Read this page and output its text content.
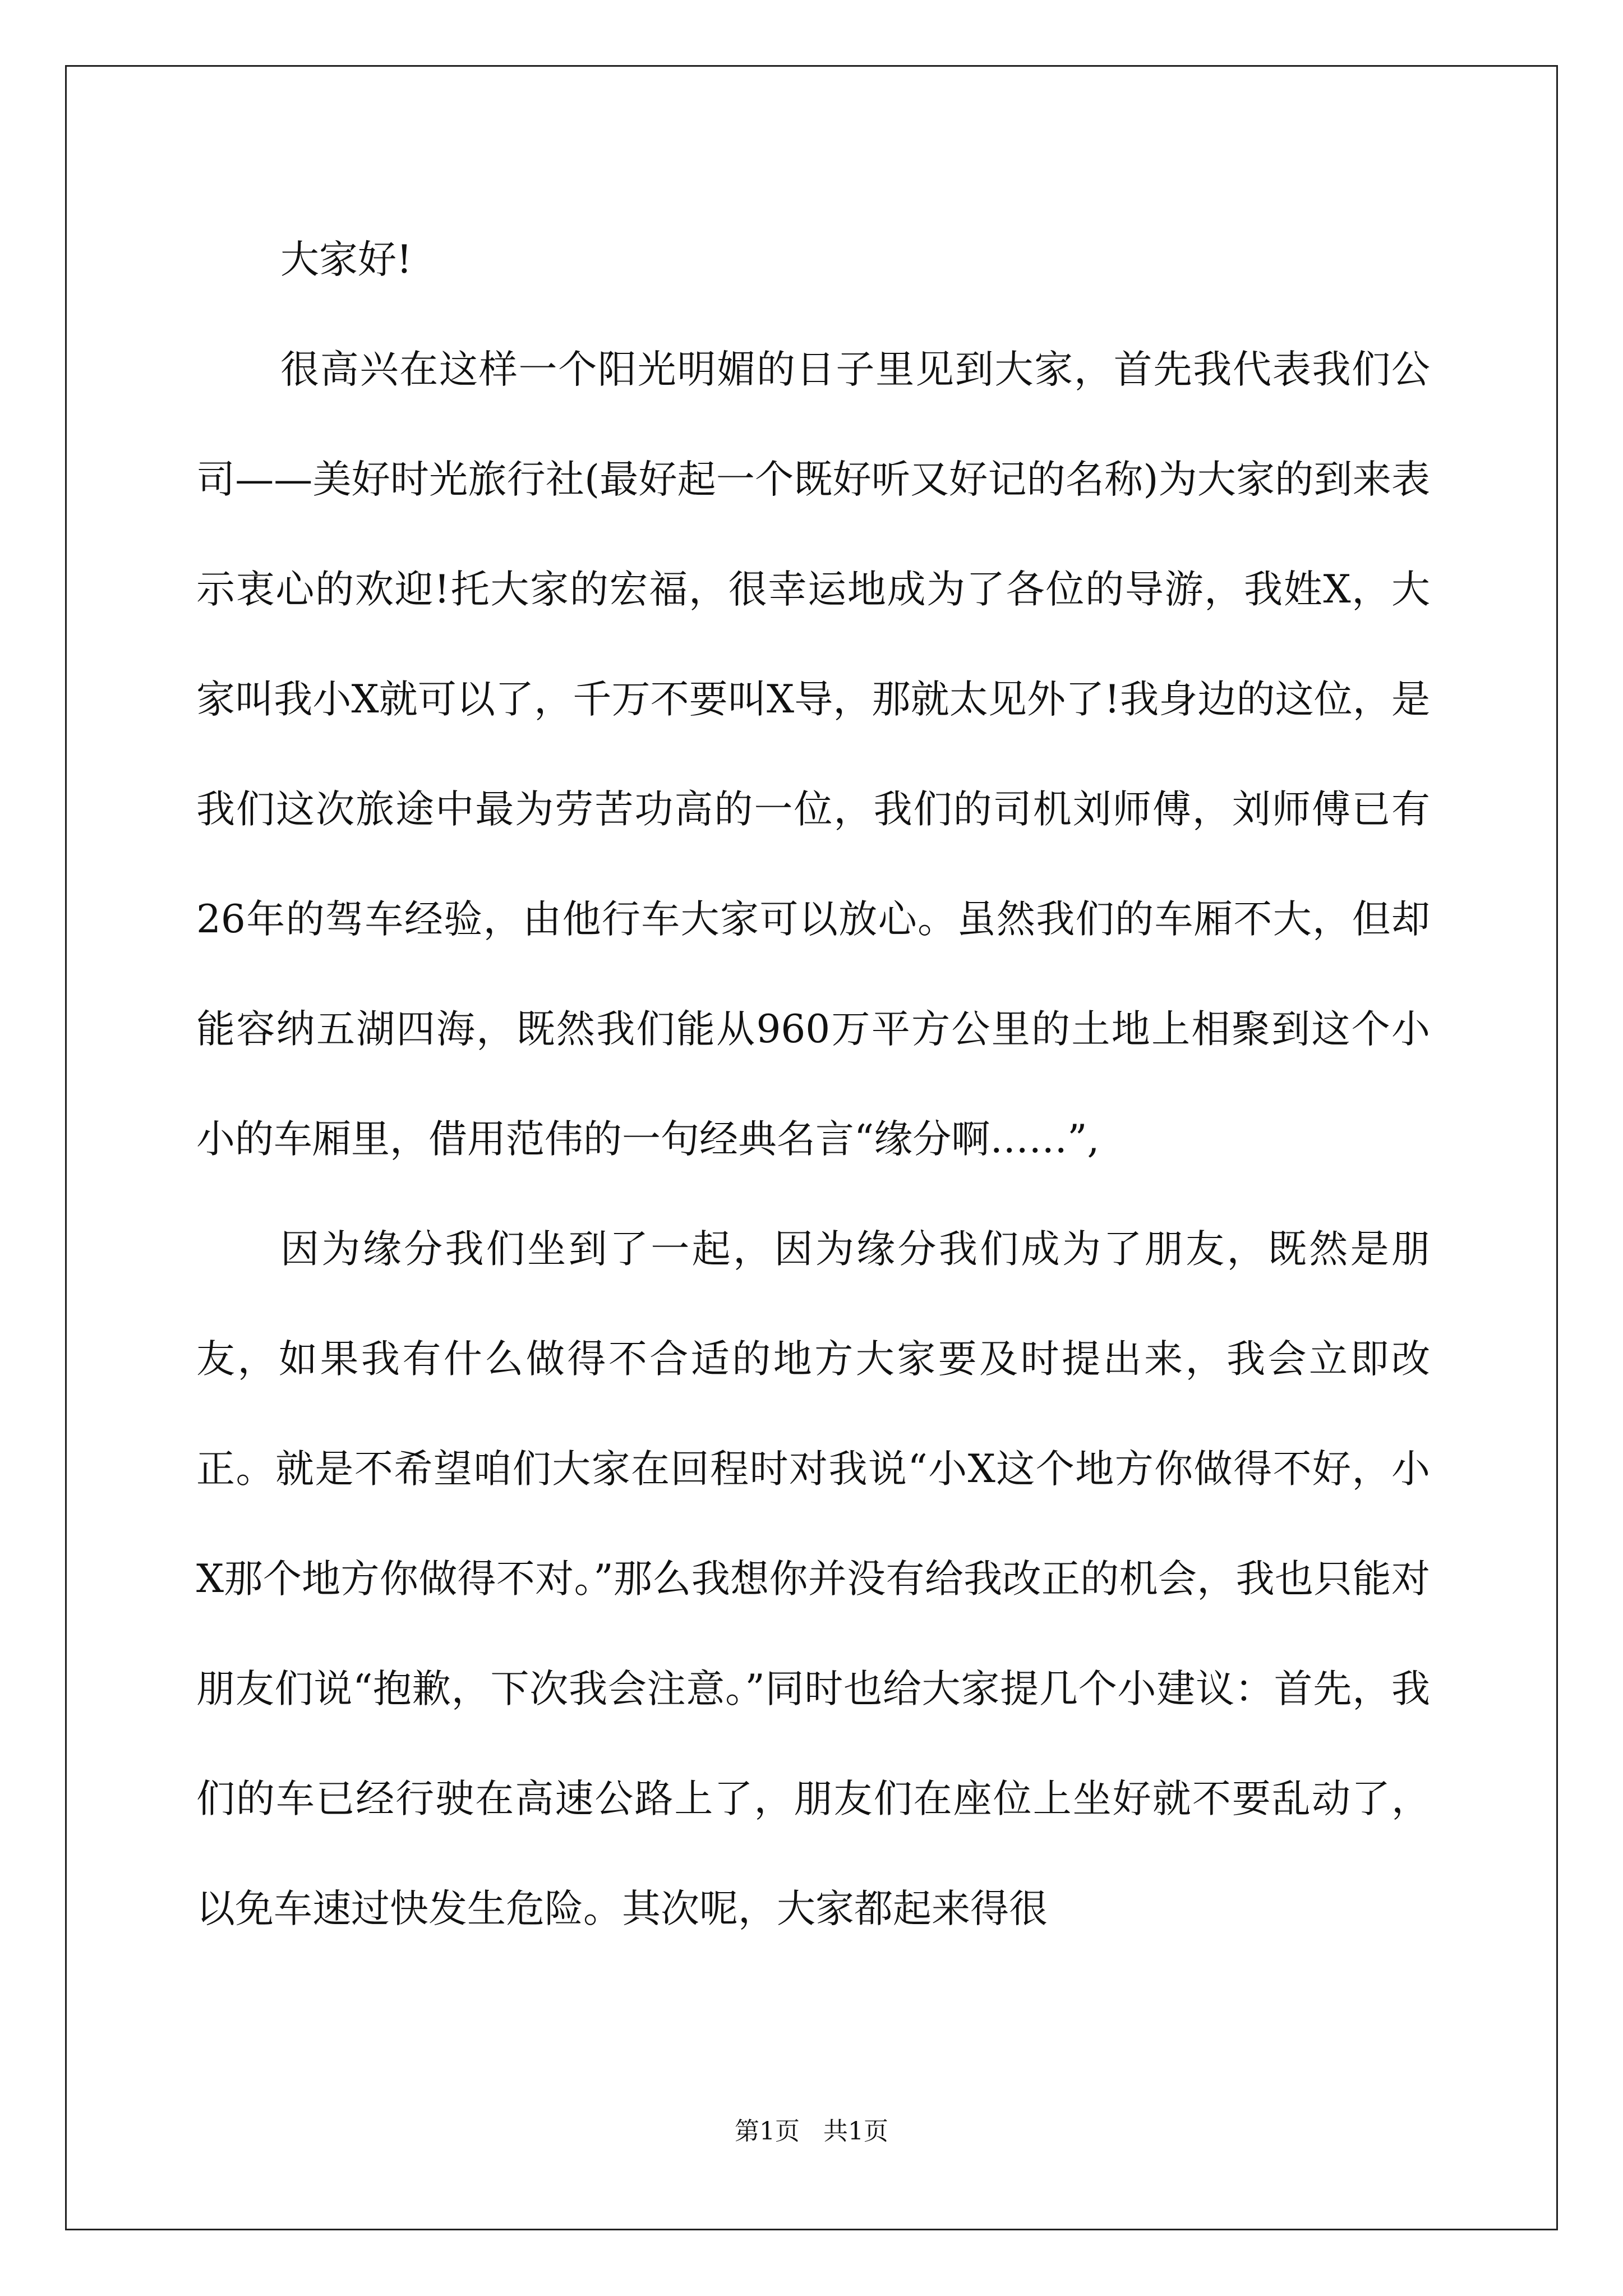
大家好!

很高兴在这样一个阳光明媚的日子里见到大家，首先我代表我们公司——美好时光旅行社(最好起一个既好听又好记的名称)为大家的到来表示衷心的欢迎!托大家的宏福，很幸运地成为了各位的导游，我姓X，大家叫我小X就可以了，千万不要叫X导，那就太见外了!我身边的这位，是我们这次旅途中最为劳苦功高的一位，我们的司机刘师傅，刘师傅已有26年的驾车经验，由他行车大家可以放心。虽然我们的车厢不大，但却能容纳五湖四海，既然我们能从960万平方公里的土地上相聚到这个小小的车厢里，借用范伟的一句经典名言“缘分啊……”,

因为缘分我们坐到了一起，因为缘分我们成为了朋友，既然是朋友，如果我有什么做得不合适的地方大家要及时提出来，我会立即改正。就是不希望咱们大家在回程时对我说“小X这个地方你做得不好，小X那个地方你做得不对。”那么我想你并没有给我改正的机会，我也只能对朋友们说“抱歉，下次我会注意。”同时也给大家提几个小建议：首先，我们的车已经行驶在高速公路上了，朋友们在座位上坐好就不要乱动了，以免车速过快发生危险。其次呢，大家都起来得很

第1页   共1页
